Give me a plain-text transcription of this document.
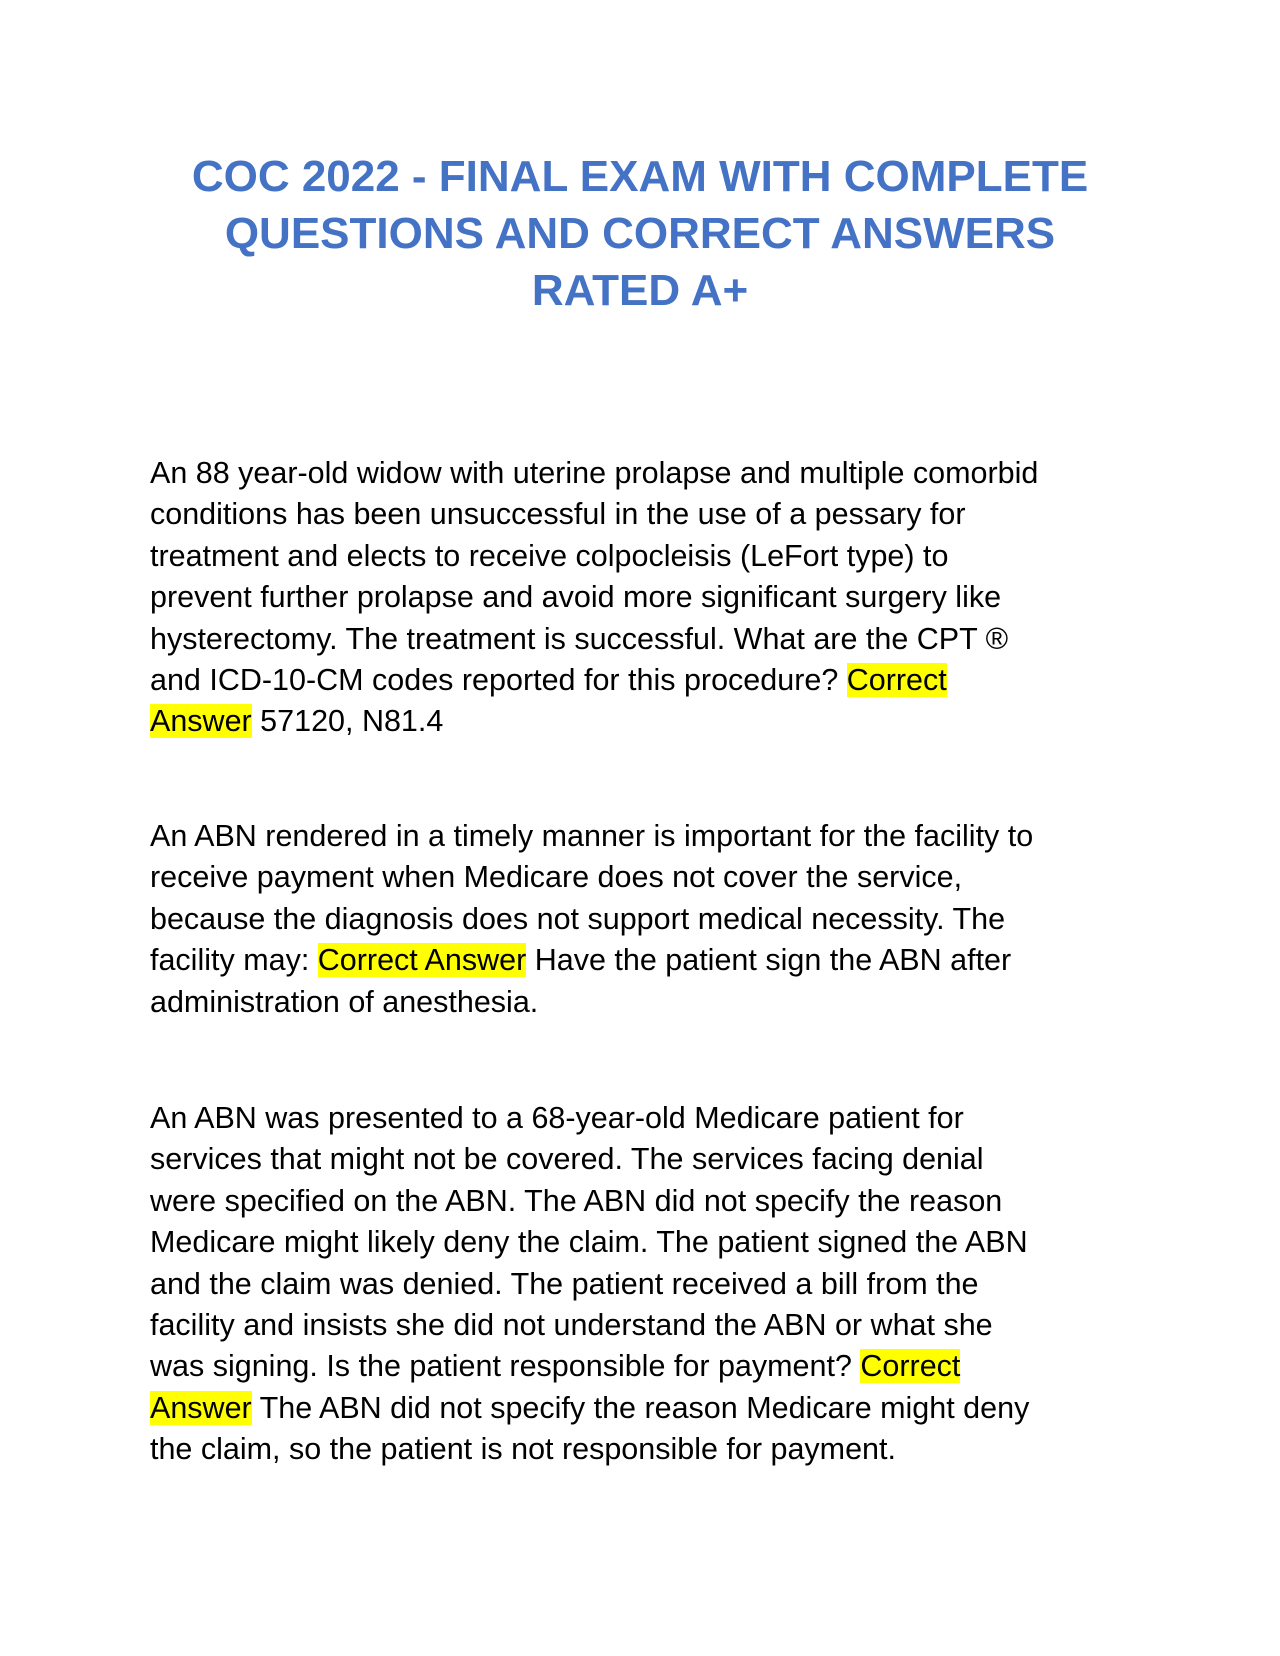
COC 2022 - FINAL EXAM WITH COMPLETE
QUESTIONS AND CORRECT ANSWERS
RATED A+

An 88 year-old widow with uterine prolapse and multiple comorbid
conditions has been unsuccessful in the use of a pessary for
treatment and elects to receive colpocleisis (LeFort type) to
prevent further prolapse and avoid more significant surgery like
hysterectomy. The treatment is successful. What are the CPT ®
and ICD-10-CM codes reported for this procedure? Correct
Answer 57120, N81.4

An ABN rendered in a timely manner is important for the facility to
receive payment when Medicare does not cover the service,
because the diagnosis does not support medical necessity. The
facility may: Correct Answer Have the patient sign the ABN after
administration of anesthesia.

An ABN was presented to a 68-year-old Medicare patient for
services that might not be covered. The services facing denial
were specified on the ABN. The ABN did not specify the reason
Medicare might likely deny the claim. The patient signed the ABN
and the claim was denied. The patient received a bill from the
facility and insists she did not understand the ABN or what she
was signing. Is the patient responsible for payment? Correct
Answer The ABN did not specify the reason Medicare might deny
the claim, so the patient is not responsible for payment.
